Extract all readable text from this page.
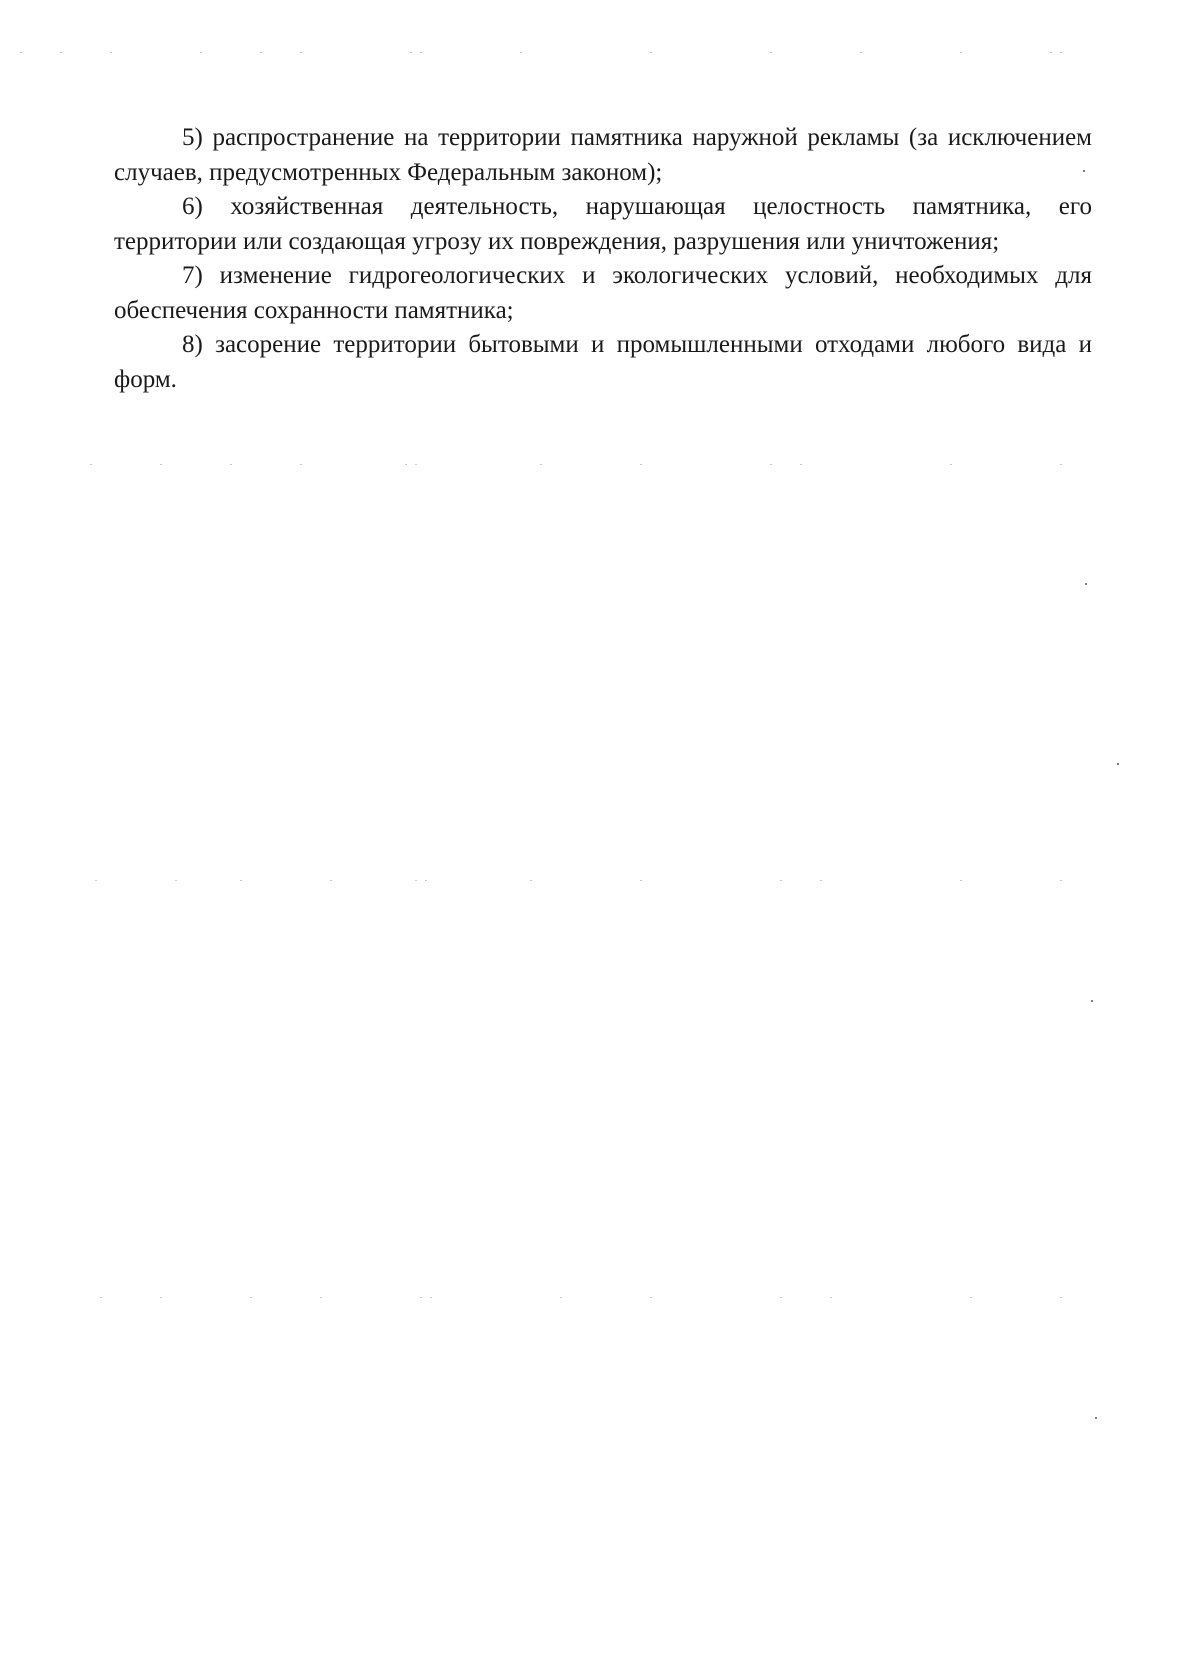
5) распространение на территории памятника наружной рекламы (за исключением случаев, предусмотренных Федеральным законом);

6) хозяйственная деятельность, нарушающая целостность памятника, его территории или создающая угрозу их повреждения, разрушения или уничтожения;

7) изменение гидрогеологических и экологических условий, необходимых для обеспечения сохранности памятника;

8) засорение территории бытовыми и промышленными отходами любого вида и форм.
